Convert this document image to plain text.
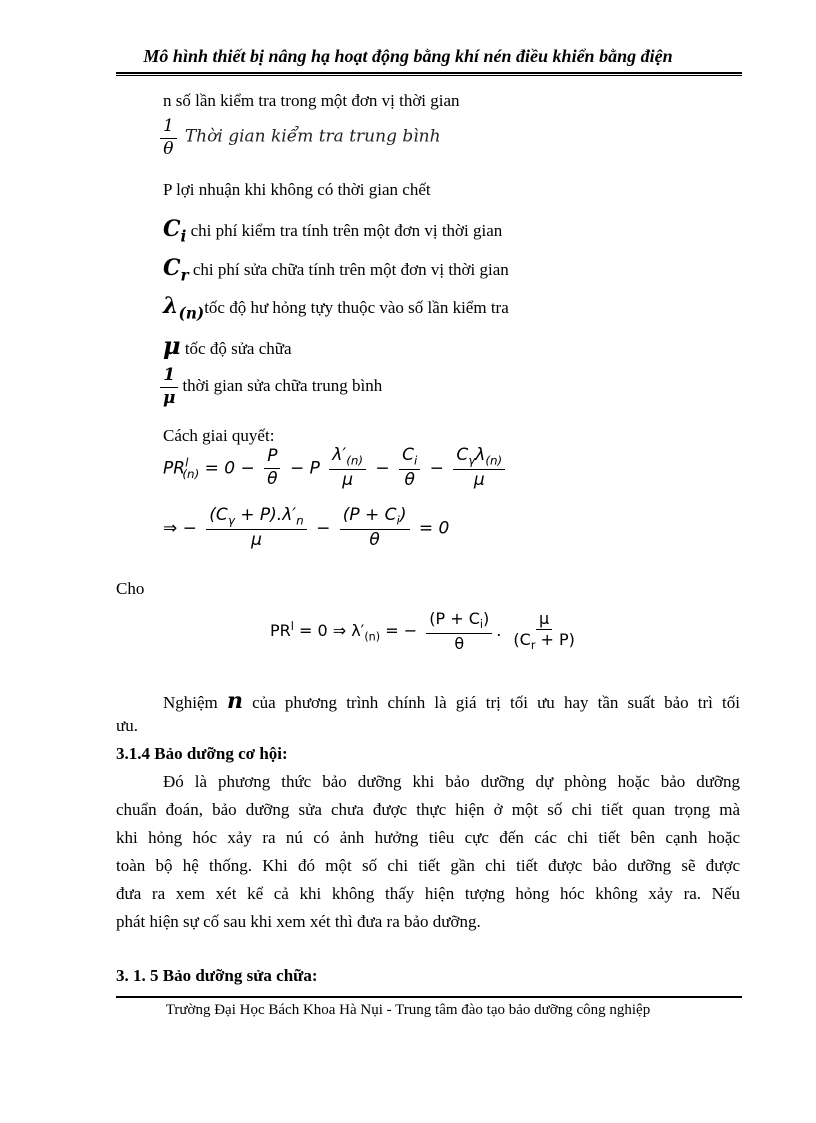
Mô hình thiết bị nâng hạ hoạt động bằng khí nén điều khiển bằng điện
n số lần kiểm tra trong một đơn vị thời gian
$\frac{1}{\theta}$ Thời gian kiểm tra trung bình
P lợi nhuận khi không có thời gian chết
$C_i$ chi phí kiểm tra tính trên một đơn vị thời gian
$C_r$ chi phí sửa chữa tính trên một đơn vị thời gian
$\lambda_{(n)}tốc$ độ hư hỏng tựy thuộc vào số lần kiểm tra
μ tốc độ sửa chữa
$\frac{1}{\mu}$ thời gian sửa chữa trung bình
Cách giai quyết:
$PR^l_{(n)} = 0 - \frac{P}{\theta} - P \frac{\lambda'_{(n)}}{\mu} - \frac{C_i}{\theta} - \frac{C_\gamma\lambda_{(n)}}{\mu}$
⇒ − $\frac{(C_\gamma + P).\lambda'_n}{\mu} - \frac{(P + C_i)}{\theta} = 0$
Cho
$PR^l = 0$ ⇒ $\lambda'_{(n)}$ = − $\frac{(P + C_i)}{\theta}$ . $\frac{\mu}{(C_r + P)}$
Nghiệm n của phương trình chính là giá trị tối ưu hay tần suất bảo trì tối
ưu.
3.1.4 Bảo dưỡng cơ hội:
Đó là phương thức bảo dưỡng khi bảo dưỡng dự phòng hoặc bảo dưỡng
chuẩn đoán, bảo dưỡng sửa chưa được thực hiện ở một số chi tiết quan trọng mà
khi hỏng hóc xảy ra nú có ảnh hưởng tiêu cực đến các chi tiết bên cạnh hoặc
toàn bộ hệ thống. Khi đó một số chi tiết gần chi tiết được bảo dưỡng sẽ được
đưa ra xem xét kể cả khi không thấy hiện tượng hỏng hóc không xảy ra. Nếu
phát hiện sự cố sau khi xem xét thì đưa ra bảo dưỡng.
3. 1. 5 Bảo dưỡng sửa chữa:
Trường Đại Học Bách Khoa Hà Nụi - Trung tâm đào tạo bảo dưỡng công nghiệp
